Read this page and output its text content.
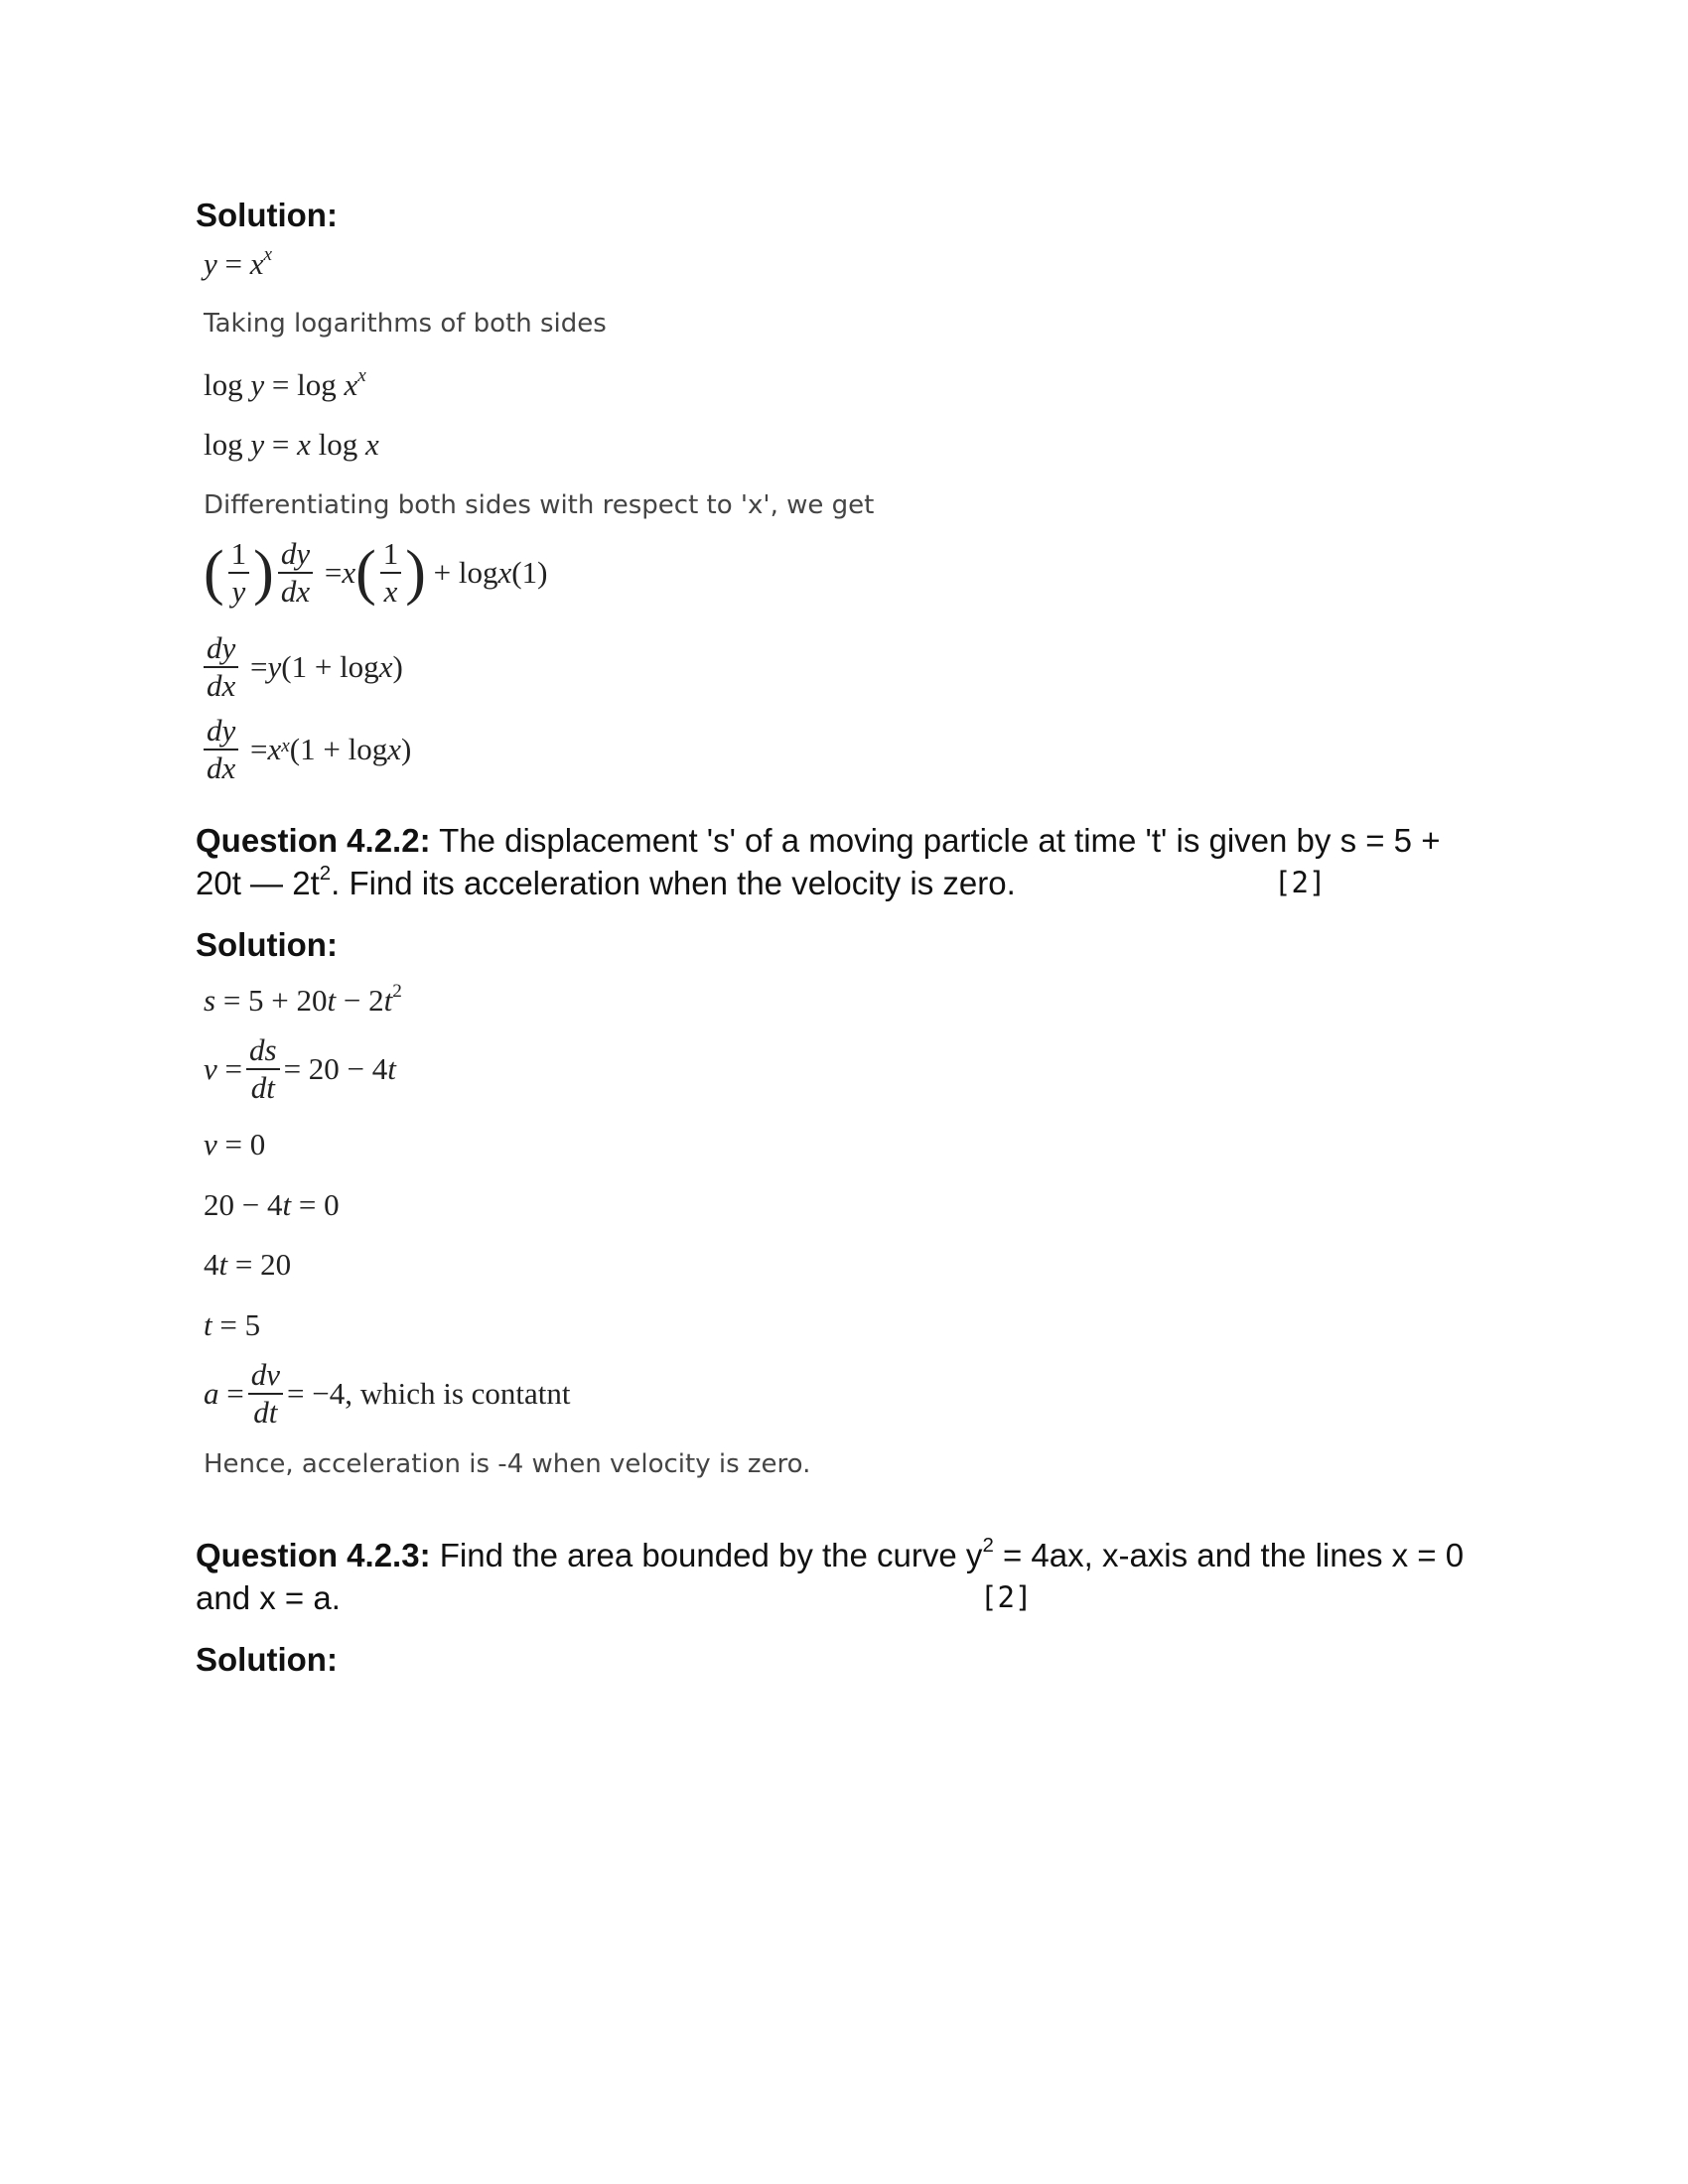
Solution:
$y = x^x$
Taking logarithms of both sides
$\log y = \log x^x$
log y = x log x
Differentiating both sides with respect to 'x', we get
( $\frac{1}{y}$ ) $\frac{dy}{dx} = x$ ( $\frac{1}{x}$ ) + log x (1)
$\frac{dy}{dx} = y$ (1 + log x )
$\frac{dy}{dx} = x$ $^x$ (1 + log x )
Question 4.2.2: The displacement 's' of a moving particle at time 't' is given by s = 5 +
20t — $2t^2$. Find its acceleration when the velocity is zero.	[2]
Solution:
$s = 5 + 20t - 2t^2$
$v = \frac{ds}{dt} = 20 - 4$ t
v = 0
20 − 4t = 0
4t = 20
t = 5
$a = \frac{dv}{dt} = -4$, which is contatnt
Hence, acceleration is -4 when velocity is zero.
Question 4.2.3: Find the area bounded by the curve $y^2 = 4ax$, x-axis and the lines x = 0
and x = a.	[2]
Solution:
